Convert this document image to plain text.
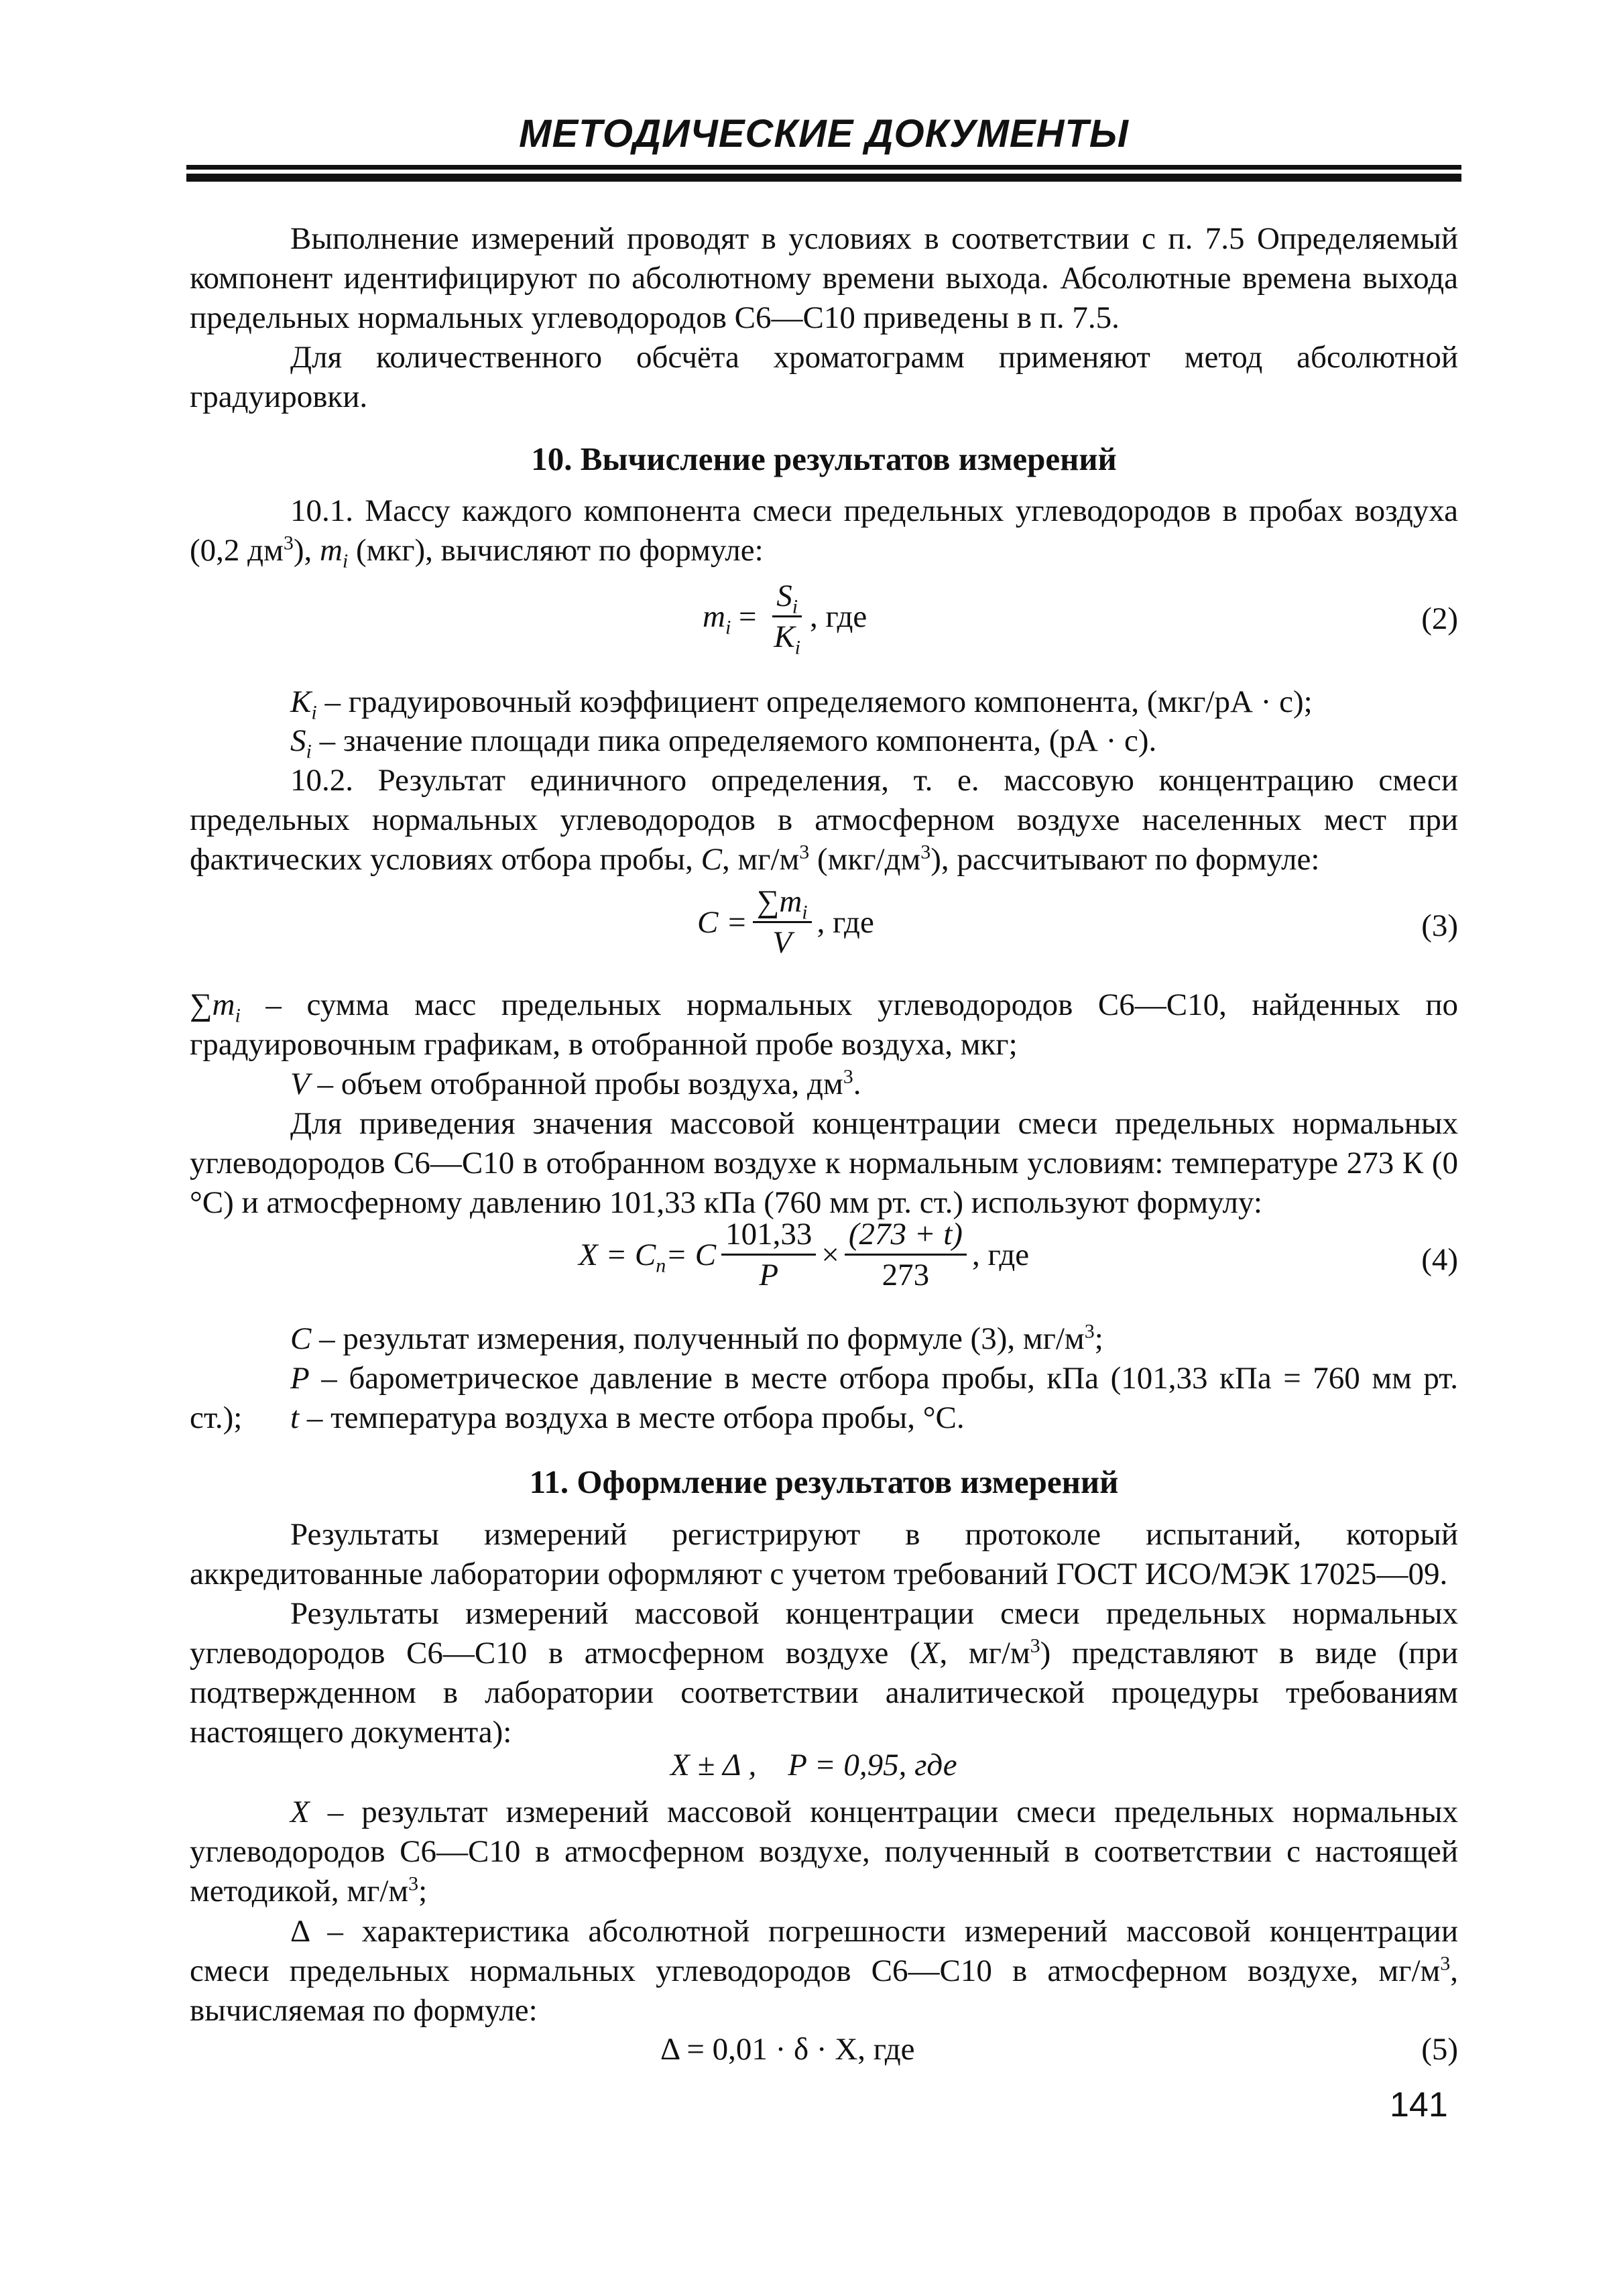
МЕТОДИЧЕСКИЕ ДОКУМЕНТЫ

Выполнение измерений проводят в условиях в соответствии с п. 7.5 Определяемый компонент идентифицируют по абсолютному времени выхода. Абсолютные времена выхода предельных нормальных углеводородов С6—С10 приведены в п. 7.5.

Для количественного обсчёта хроматограмм применяют метод абсолютной градуировки.

10. Вычисление результатов измерений

10.1. Массу каждого компонента смеси предельных углеводородов в пробах воздуха (0,2 $дм^3$), $m_i$ (мкг), вычисляют по формуле:

$m_i = \frac{S_i}{K_i}$ , где	(2)

$K_i$ – градуировочный коэффициент определяемого компонента, (мкг/рА · с);

$S_i$ – значение площади пика определяемого компонента, (рА · с).

10.2. Результат единичного определения, т. е. массовую концентрацию смеси предельных нормальных углеводородов в атмосферном воздухе населенных мест при фактических условиях отбора пробы, C, $мг/м^3$ $(мкг/дм^3)$, рассчитывают по формуле:

$C = \frac{\sum m_i}{V}$ , где	(3)

$\sum m_i$ – сумма масс предельных нормальных углеводородов С6—С10, найденных по градуировочным графикам, в отобранной пробе воздуха, мкг;

V – объем отобранной пробы воздуха, $дм^3$.

Для приведения значения массовой концентрации смеси предельных нормальных углеводородов С6—С10 в отобранном воздухе к нормальным условиям: температуре 273 К (0 °С) и атмосферному давлению 101,33 кПа (760 мм рт. ст.) используют формулу:

$X = C_n = C \frac{101,33}{P} \times \frac{(273 + t)}{273}$ , где	(4)

C – результат измерения, полученный по формуле (3), $мг/м^3$;

P – барометрическое давление в месте отбора пробы, кПа (101,33 кПа = 760 мм рт. ст.);	t – температура воздуха в месте отбора пробы, °С.

11. Оформление результатов измерений

Результаты измерений регистрируют в протоколе испытаний, который аккредитованные лаборатории оформляют с учетом требований ГОСТ ИСО/МЭК 17025—09.

Результаты измерений массовой концентрации смеси предельных нормальных углеводородов С6—С10 в атмосферном воздухе (X, $мг/м^3$) представляют в виде (при подтвержденном в лаборатории соответствии аналитической процедуры требованиям настоящего документа):

X ± Δ ,    P = 0,95, где

X – результат измерений массовой концентрации смеси предельных нормальных углеводородов С6—С10 в атмосферном воздухе, полученный в соответствии с настоящей методикой, $мг/м^3$;

Δ – характеристика абсолютной погрешности измерений массовой концентрации смеси предельных нормальных углеводородов С6—С10 в атмосферном воздухе, $мг/м^3$, вычисляемая по формуле:

Δ = 0,01 · δ · X, где	(5)
141
